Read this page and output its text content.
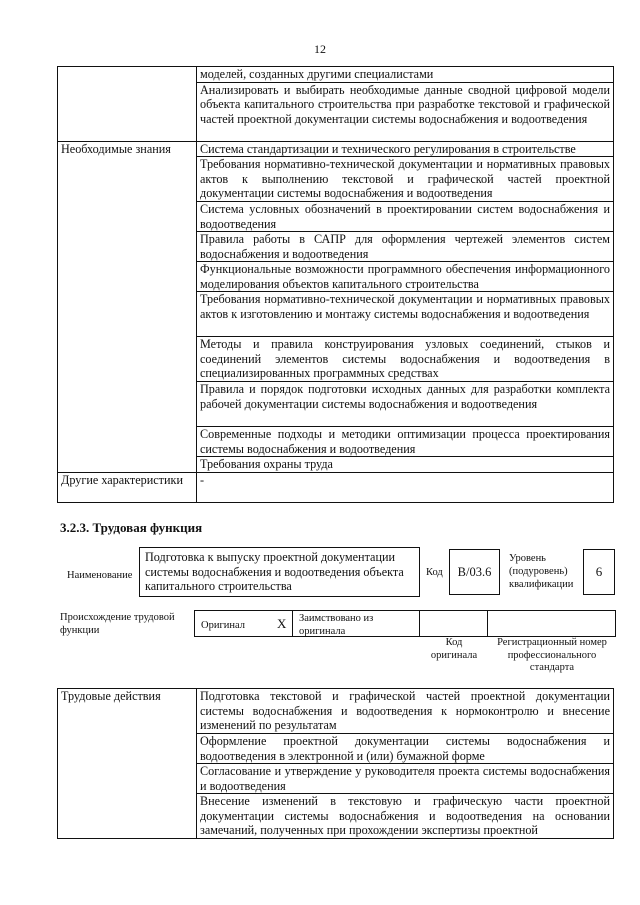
12
	моделей, созданных другими специалистами
	Анализировать и выбирать необходимые данные сводной цифровой модели объекта капитального строительства при разработке текстовой и графической частей проектной документации системы водоснабжения и водоотведения
Необходимые знания	Система стандартизации и технического регулирования в строительстве
	Требования нормативно-технической документации и нормативных правовых актов к выполнению текстовой и графической частей проектной документации системы водоснабжения и водоотведения
	Система условных обозначений в проектировании систем водоснабжения и водоотведения
	Правила работы в САПР для оформления чертежей элементов систем водоснабжения и водоотведения
	Функциональные возможности программного обеспечения информационного моделирования объектов капитального строительства
	Требования нормативно-технической документации и нормативных правовых актов к изготовлению и монтажу системы водоснабжения и водоотведения
	Методы и правила конструирования узловых соединений, стыков и соединений элементов системы водоснабжения и водоотведения в специализированных программных средствах
	Правила и порядок подготовки исходных данных для разработки комплекта рабочей документации системы водоснабжения и водоотведения
	Современные подходы и методики оптимизации процесса проектирования системы водоснабжения и водоотведения
	Требования охраны труда
Другие характеристики	-
3.2.3. Трудовая функция
Наименование
Подготовка к выпуску проектной документации системы водоснабжения и водоотведения объекта капитального строительства
Код B/03.6
Уровень (подуровень) квалификации
6
Происхождение трудовой функции	Оригинал X Заимствовано из оригинала
Код оригинала
Регистрационный номер профессионального стандарта
Трудовые действия	Подготовка текстовой и графической частей проектной документации системы водоснабжения и водоотведения к нормоконтролю и внесение изменений по результатам
Оформление проектной документации системы водоснабжения и водоотведения в электронной и (или) бумажной форме
Согласование и утверждение у руководителя проекта системы водоснабжения и водоотведения
Внесение изменений в текстовую и графическую части проектной документации системы водоснабжения и водоотведения на основании замечаний, полученных при прохождении экспертизы проектной
